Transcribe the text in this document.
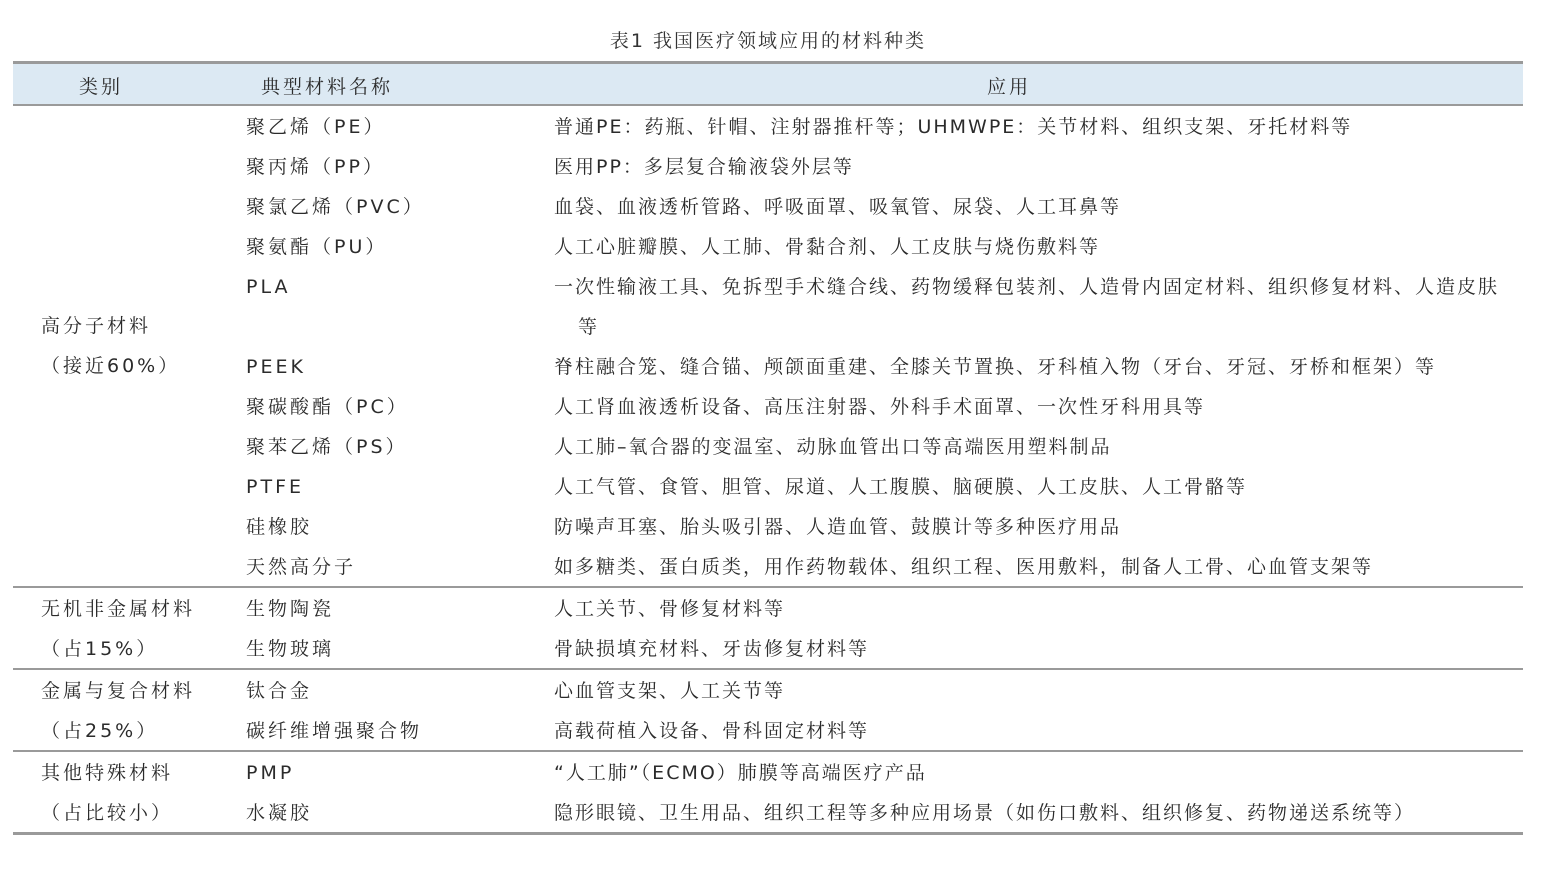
表1 我国医疗领域应用的材料种类
类别	典型材料名称	应用
高分子材料
（接近60%）
聚乙烯（PE）	普通PE：药瓶、针帽、注射器推杆等；UHMWPE：关节材料、组织支架、牙托材料等
聚丙烯（PP）	医用PP：多层复合输液袋外层等
聚氯乙烯（PVC）	血袋、血液透析管路、呼吸面罩、吸氧管、尿袋、人工耳鼻等
聚氨酯（PU）	人工心脏瓣膜、人工肺、骨黏合剂、人工皮肤与烧伤敷料等
PLA	一次性输液工具、免拆型手术缝合线、药物缓释包装剂、人造骨内固定材料、组织修复材料、人造皮肤等
PEEK	脊柱融合笼、缝合锚、颅颌面重建、全膝关节置换、牙科植入物（牙台、牙冠、牙桥和框架）等
聚碳酸酯（PC）	人工肾血液透析设备、高压注射器、外科手术面罩、一次性牙科用具等
聚苯乙烯（PS）	人工肺–氧合器的变温室、动脉血管出口等高端医用塑料制品
PTFE	人工气管、食管、胆管、尿道、人工腹膜、脑硬膜、人工皮肤、人工骨骼等
硅橡胶	防噪声耳塞、胎头吸引器、人造血管、鼓膜计等多种医疗用品
天然高分子	如多糖类、蛋白质类，用作药物载体、组织工程、医用敷料，制备人工骨、心血管支架等
无机非金属材料
（占15%）
生物陶瓷	人工关节、骨修复材料等
生物玻璃	骨缺损填充材料、牙齿修复材料等
金属与复合材料
（占25%）
钛合金	心血管支架、人工关节等
碳纤维增强聚合物	高载荷植入设备、骨科固定材料等
其他特殊材料
（占比较小）
PMP	“人工肺”（ECMO）肺膜等高端医疗产品
水凝胶	隐形眼镜、卫生用品、组织工程等多种应用场景（如伤口敷料、组织修复、药物递送系统等）
